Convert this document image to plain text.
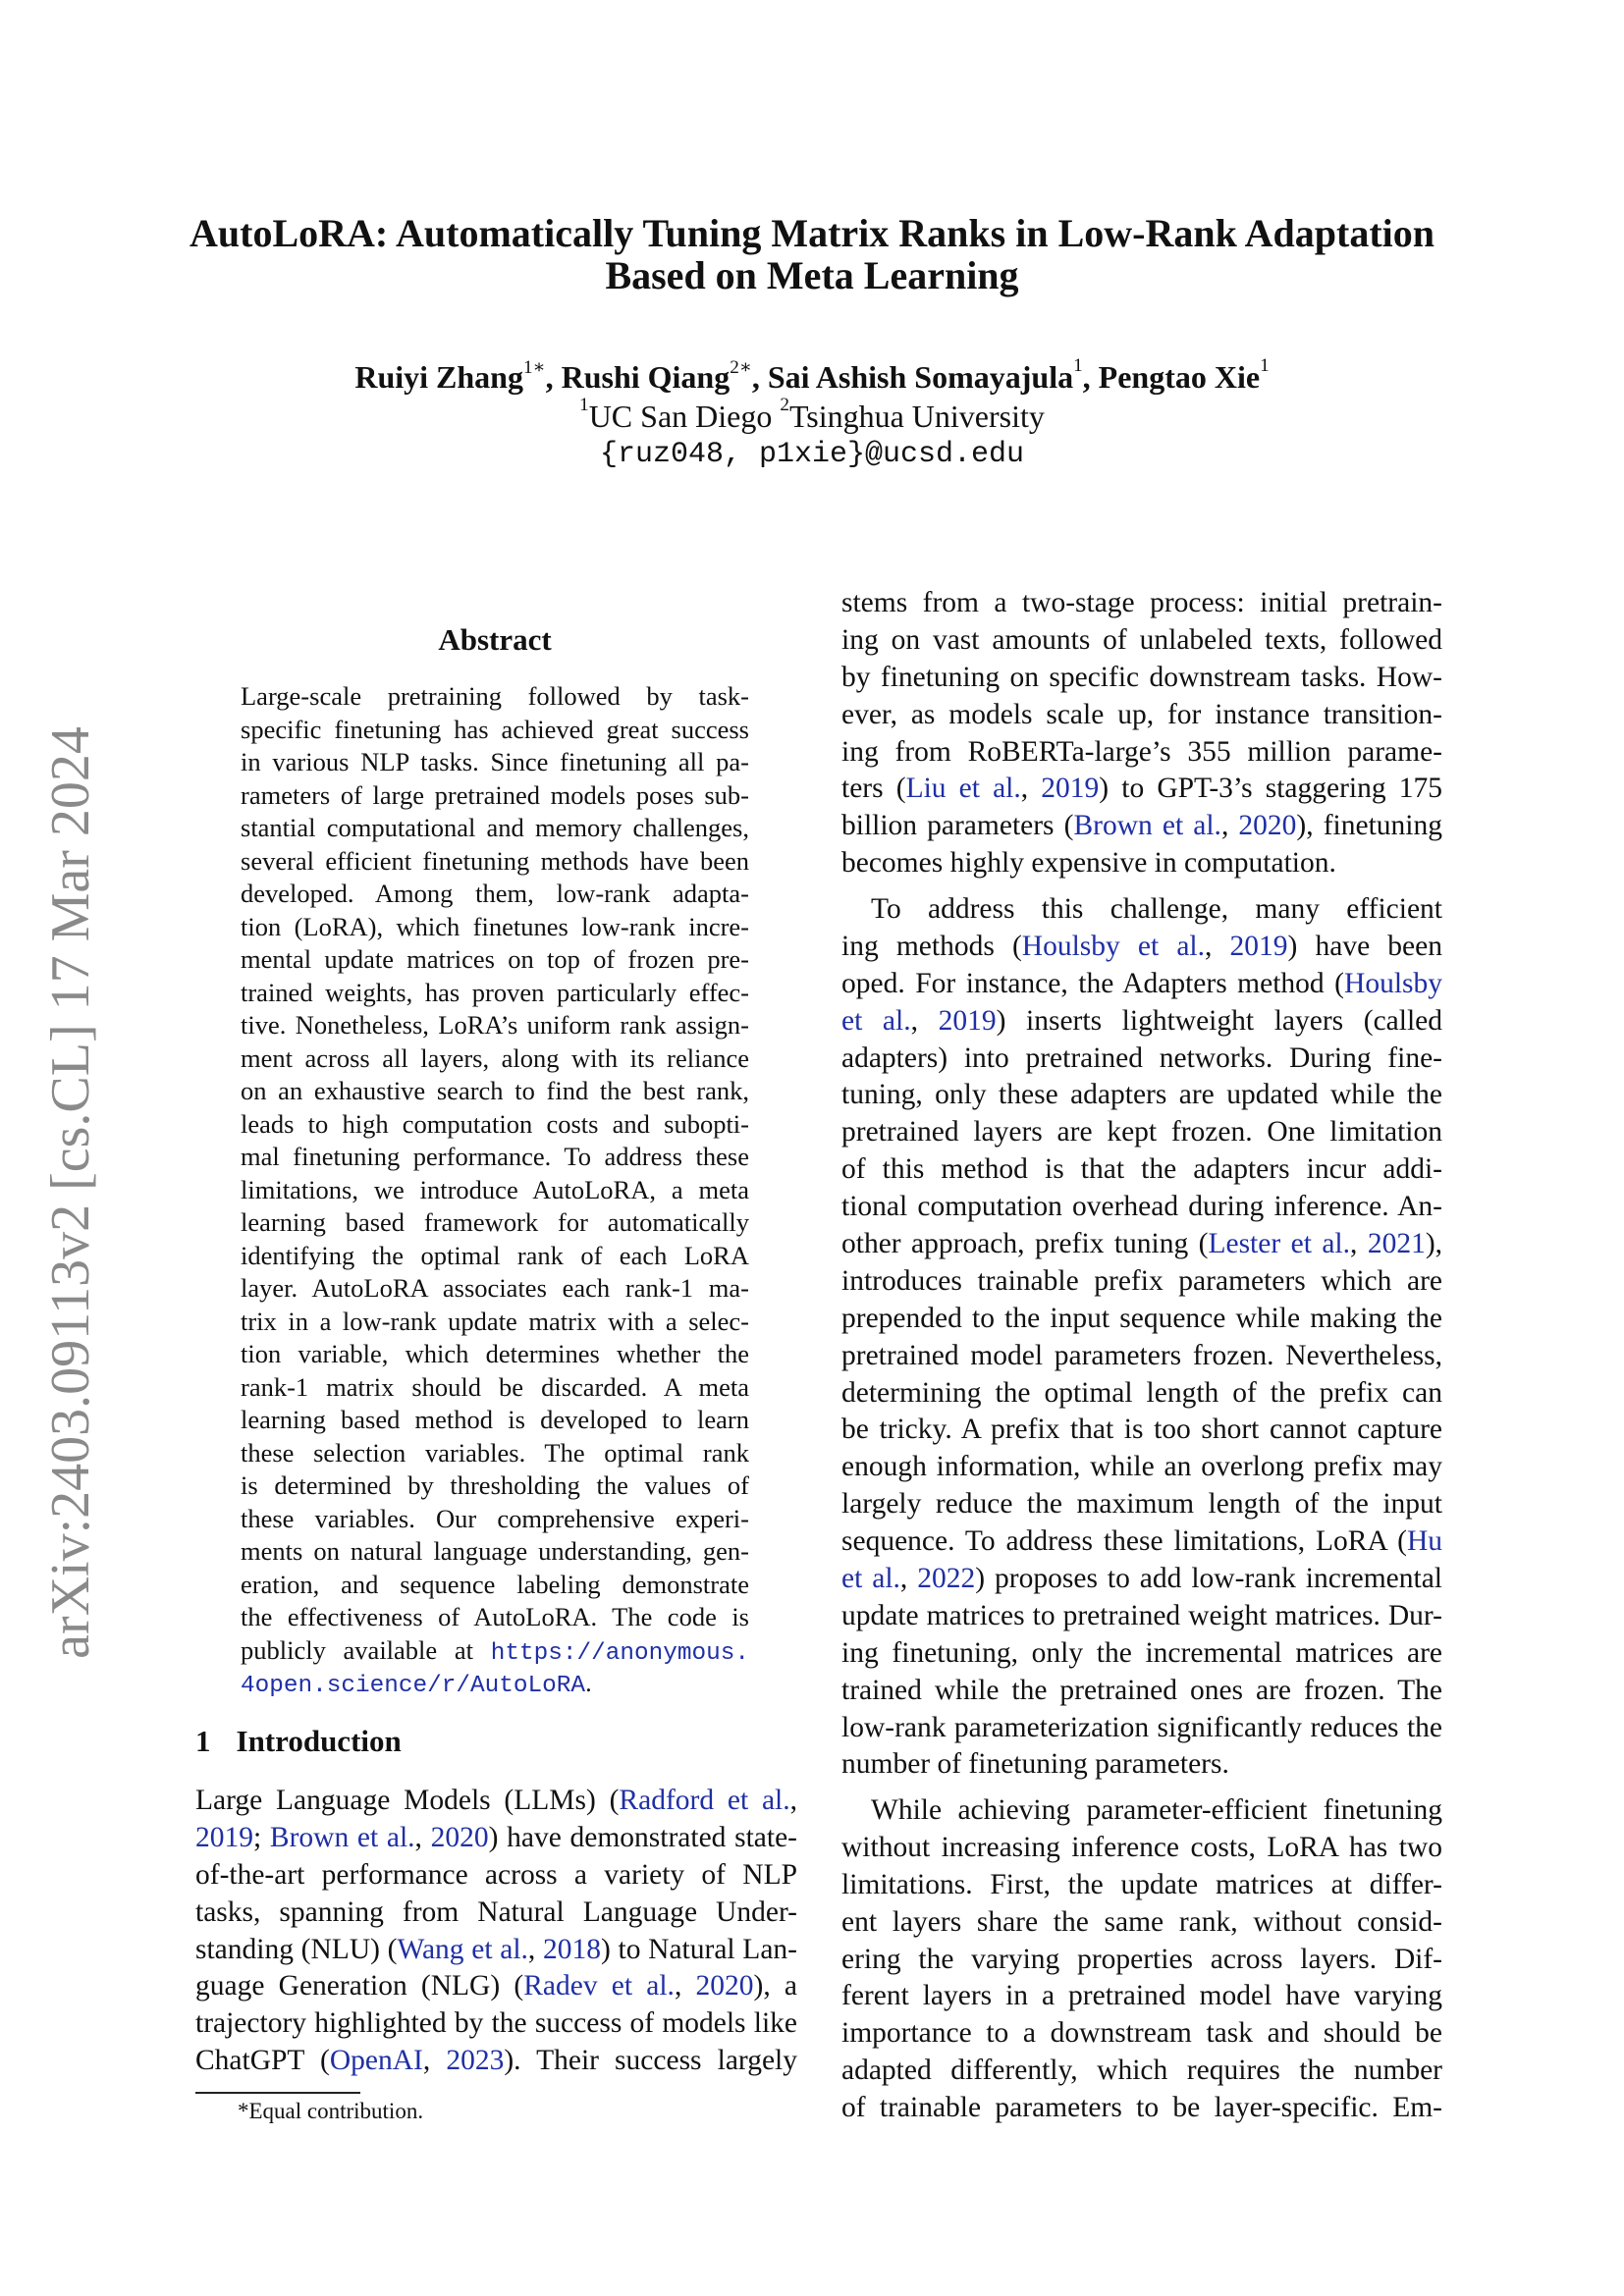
arXiv:2403.09113v2 [cs.CL] 17 Mar 2024
AutoLoRA: Automatically Tuning Matrix Ranks in Low-Rank Adaptation
Based on Meta Learning
Ruiyi Zhang$^{1∗}$, Rushi Qiang$^{2∗}$, Sai Ashish Somayajula$^1$, Pengtao Xie$^1$
$^1$UC San Diego $^2$Tsinghua University
{ruz048, p1xie}@ucsd.edu
Abstract
Large-scale pretraining followed by task-
specific finetuning has achieved great success
in various NLP tasks. Since finetuning all pa-
rameters of large pretrained models poses sub-
stantial computational and memory challenges,
several efficient finetuning methods have been
developed. Among them, low-rank adapta-
tion (LoRA), which finetunes low-rank incre-
mental update matrices on top of frozen pre-
trained weights, has proven particularly effec-
tive. Nonetheless, LoRA’s uniform rank assign-
ment across all layers, along with its reliance
on an exhaustive search to find the best rank,
leads to high computation costs and subopti-
mal finetuning performance. To address these
limitations, we introduce AutoLoRA, a meta
learning based framework for automatically
identifying the optimal rank of each LoRA
layer. AutoLoRA associates each rank-1 ma-
trix in a low-rank update matrix with a selec-
tion variable, which determines whether the
rank-1 matrix should be discarded. A meta
learning based method is developed to learn
these selection variables. The optimal rank
is determined by thresholding the values of
these variables. Our comprehensive experi-
ments on natural language understanding, gen-
eration, and sequence labeling demonstrate
the effectiveness of AutoLoRA. The code is
publicly available at https://anonymous.
4open.science/r/AutoLoRA.
1 Introduction
Large Language Models (LLMs) (Radford et al.,
2019; Brown et al., 2020) have demonstrated state-
of-the-art performance across a variety of NLP
tasks, spanning from Natural Language Under-
standing (NLU) (Wang et al., 2018) to Natural Lan-
guage Generation (NLG) (Radev et al., 2020), a
trajectory highlighted by the success of models like
ChatGPT (OpenAI, 2023). Their success largely
stems from a two-stage process: initial pretrain-
ing on vast amounts of unlabeled texts, followed
by finetuning on specific downstream tasks. How-
ever, as models scale up, for instance transition-
ing from RoBERTa-large’s 355 million parame-
ters (Liu et al., 2019) to GPT-3’s staggering 175
billion parameters (Brown et al., 2020), finetuning
becomes highly expensive in computation.
To address this challenge, many efficient
ing methods (Houlsby et al., 2019) have been
oped. For instance, the Adapters method (Houlsby
et al., 2019) inserts lightweight layers (called
adapters) into pretrained networks. During fine-
tuning, only these adapters are updated while the
pretrained layers are kept frozen. One limitation
of this method is that the adapters incur addi-
tional computation overhead during inference. An-
other approach, prefix tuning (Lester et al., 2021),
introduces trainable prefix parameters which are
prepended to the input sequence while making the
pretrained model parameters frozen. Nevertheless,
determining the optimal length of the prefix can
be tricky. A prefix that is too short cannot capture
enough information, while an overlong prefix may
largely reduce the maximum length of the input
sequence. To address these limitations, LoRA (Hu
et al., 2022) proposes to add low-rank incremental
update matrices to pretrained weight matrices. Dur-
ing finetuning, only the incremental matrices are
trained while the pretrained ones are frozen. The
low-rank parameterization significantly reduces the
number of finetuning parameters.
While achieving parameter-efficient finetuning
without increasing inference costs, LoRA has two
limitations. First, the update matrices at differ-
ent layers share the same rank, without consid-
ering the varying properties across layers. Dif-
ferent layers in a pretrained model have varying
importance to a downstream task and should be
adapted differently, which requires the number
of trainable parameters to be layer-specific. Em-
*Equal contribution.
